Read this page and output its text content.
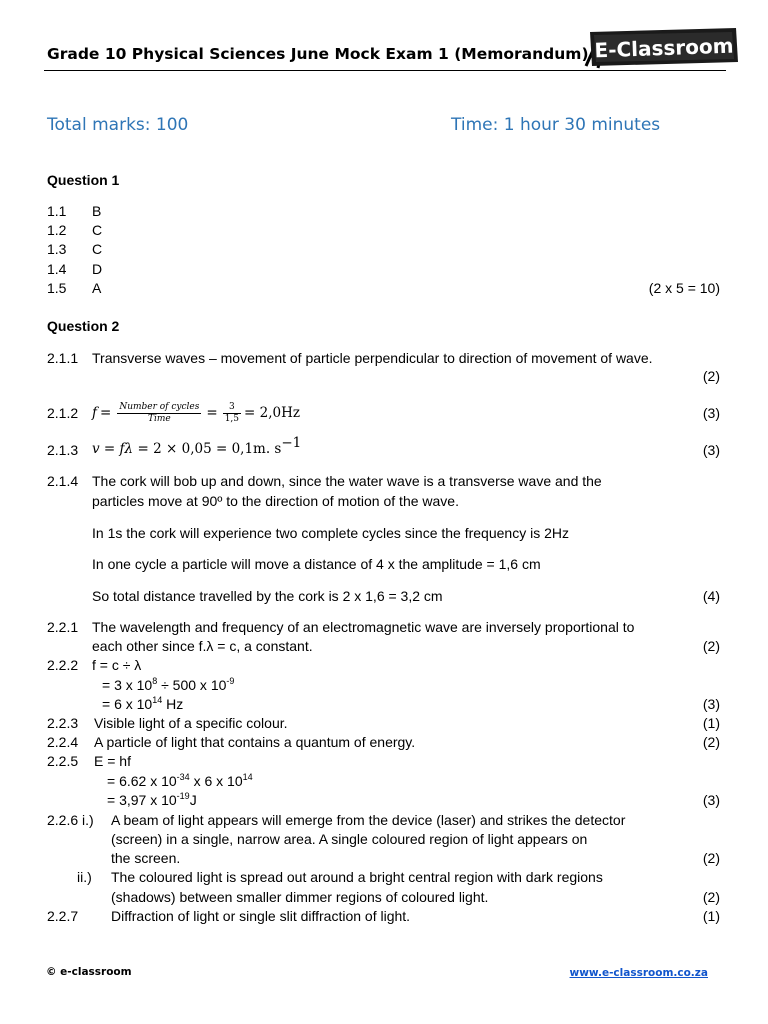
Grade 10 Physical Sciences June Mock Exam 1 (Memorandum) E-Classroom
Total marks: 100	Time: 1 hour 30 minutes
Question 1
1.1 B
1.2 C
1.3 C
1.4 D
1.5 A	(2 x 5 = 10)
Question 2
2.1.1 Transverse waves – movement of particle perpendicular to direction of movement of wave.
(2)
2.1.2 $f = \frac{\text{Number of cycles}}{\text{Time}} = \frac{3}{1,5} = 2,0Hz$	(3)
2.1.3 v = fλ = 2 × 0,05 = 0,1m. $s^{-1}$	(3)
2.1.4 The cork will bob up and down, since the water wave is a transverse wave and the
particles move at 90º to the direction of motion of the wave.
In 1s the cork will experience two complete cycles since the frequency is 2Hz
In one cycle a particle will move a distance of 4 x the amplitude = 1,6 cm
So total distance travelled by the cork is 2 x 1,6 = 3,2 cm	(4)
2.2.1 The wavelength and frequency of an electromagnetic wave are inversely proportional to
each other since f.λ = c, a constant.	(2)
2.2.2 f = c ÷ λ
= 3 x $10^8 \div 500$ x $10^{-9}$
= 6 x $10^{14}$ Hz	(3)
2.2.3 Visible light of a specific colour.	(1)
2.2.4 A particle of light that contains a quantum of energy.	(2)
2.2.5 E = hf
= 6.62 x $10^{-34}$ x 6 x $10^{14}$
= 3,97 x $10^{-19}J$	(3)
2.2.6 i.) A beam of light appears will emerge from the device (laser) and strikes the detector
(screen) in a single, narrow area. A single coloured region of light appears on
the screen.	(2)
ii.) The coloured light is spread out around a bright central region with dark regions
(shadows) between smaller dimmer regions of coloured light.	(2)
2.2.7 Diffraction of light or single slit diffraction of light.	(1)
© e-classroom	www.e-classroom.co.za
